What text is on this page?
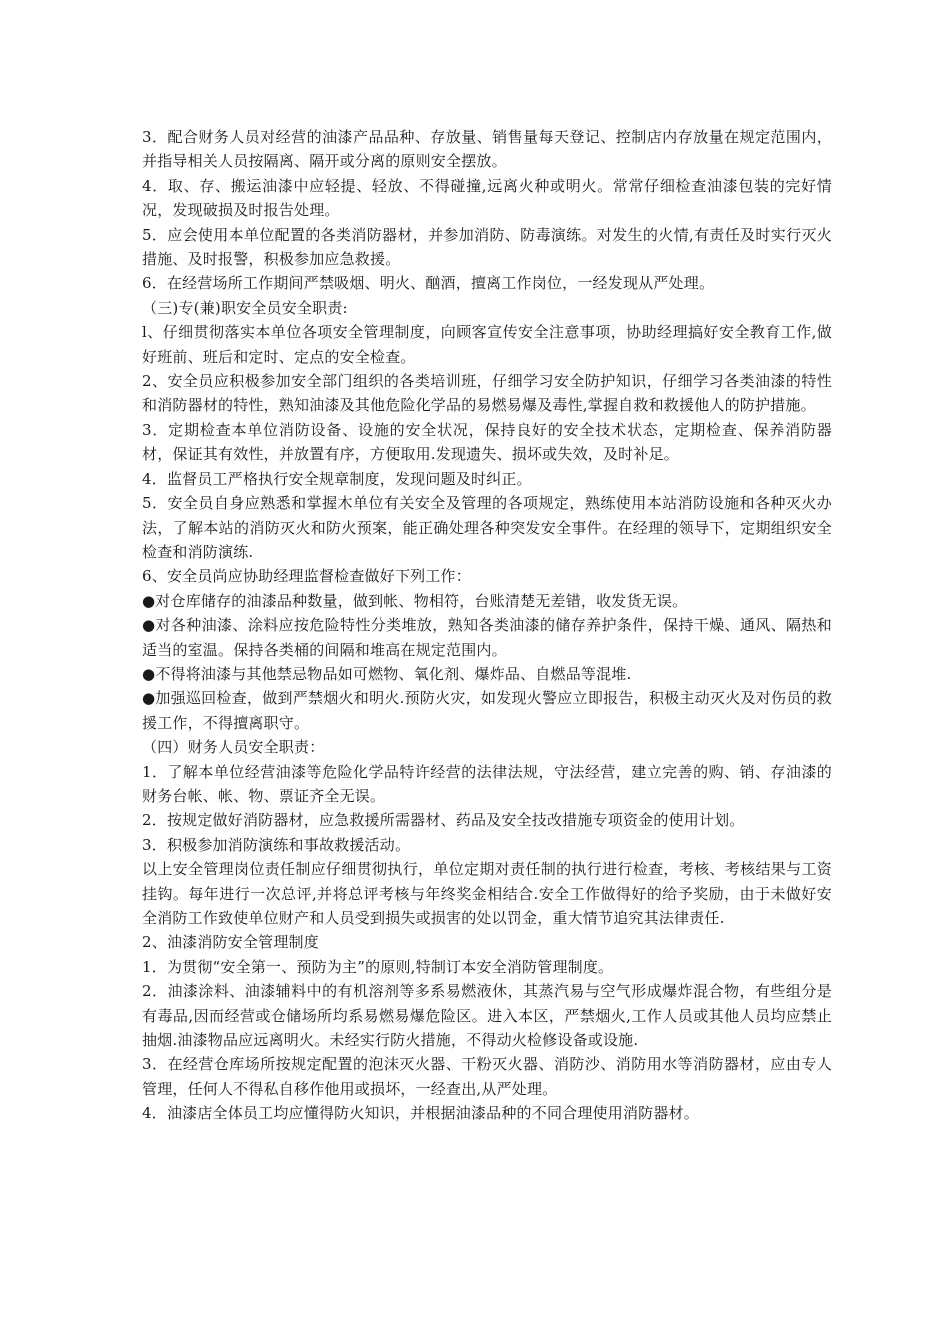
3．配合财务人员对经营的油漆产品品种、存放量、销售量每天登记、控制店内存放量在规定范围内，并指导相关人员按隔离、隔开或分离的原则安全摆放。

4．取、存、搬运油漆中应轻提、轻放、不得碰撞,远离火种或明火。常常仔细检查油漆包装的完好情况，发现破损及时报告处理。

5．应会使用本单位配置的各类消防器材，并参加消防、防毒演练。对发生的火情,有责任及时实行灭火措施、及时报警，积极参加应急救援。

6．在经营场所工作期间严禁吸烟、明火、酗酒，擅离工作岗位，一经发现从严处理。

（三)专(兼)职安全员安全职责:

l、仔细贯彻落实本单位各项安全管理制度，向顾客宣传安全注意事项，协助经理搞好安全教育工作,做好班前、班后和定时、定点的安全检查。

2、安全员应积极参加安全部门组织的各类培训班，仔细学习安全防护知识，仔细学习各类油漆的特性和消防器材的特性，熟知油漆及其他危险化学品的易燃易爆及毒性,掌握自救和救援他人的防护措施。

3．定期检查本单位消防设备、设施的安全状况，保持良好的安全技术状态，定期检查、保养消防器材，保证其有效性，并放置有序，方便取用.发现遗失、损坏或失效，及时补足。

4．监督员工严格执行安全规章制度，发现问题及时纠正。

5．安全员自身应熟悉和掌握木单位有关安全及管理的各项规定，熟练使用本站消防设施和各种灭火办法，了解本站的消防灭火和防火预案，能正确处理各种突发安全事件。在经理的领导下，定期组织安全检查和消防演练.

6、安全员尚应协助经理监督检查做好下列工作：

●对仓库储存的油漆品种数量，做到帐、物相符，台账清楚无差错，收发货无误。

●对各种油漆、涂料应按危险特性分类堆放，熟知各类油漆的储存养护条件，保持干燥、通风、隔热和适当的室温。保持各类桶的间隔和堆高在规定范围内。

●不得将油漆与其他禁忌物品如可燃物、氧化剂、爆炸品、自燃品等混堆.

●加强巡回检查，做到严禁烟火和明火.预防火灾，如发现火警应立即报告，积极主动灭火及对伤员的救援工作，不得擅离职守。

（四）财务人员安全职责：

1．了解本单位经营油漆等危险化学品特许经营的法律法规，守法经营，建立完善的购、销、存油漆的财务台帐、帐、物、票证齐全无误。

2．按规定做好消防器材，应急救援所需器材、药品及安全技改措施专项资金的使用计划。

3．积极参加消防演练和事故救援活动。

以上安全管理岗位责任制应仔细贯彻执行，单位定期对责任制的执行进行检查，考核、考核结果与工资挂钩。每年进行一次总评,并将总评考核与年终奖金相结合.安全工作做得好的给予奖励，由于未做好安全消防工作致使单位财产和人员受到损失或损害的处以罚金，重大情节追究其法律责任.

2、油漆消防安全管理制度

1．为贯彻“安全第一、预防为主”的原则,特制订本安全消防管理制度。

2．油漆涂料、油漆辅料中的有机溶剂等多系易燃液休，其蒸汽易与空气形成爆炸混合物，有些组分是有毒品,因而经营或仓储场所均系易燃易爆危险区。进入本区，严禁烟火,工作人员或其他人员均应禁止抽烟.油漆物品应远离明火。未经实行防火措施，不得动火检修设备或设施.

3．在经营仓库场所按规定配置的泡沫灭火器、干粉灭火器、消防沙、消防用水等消防器材，应由专人管理，任何人不得私自移作他用或损坏，一经查出,从严处理。

4．油漆店全体员工均应懂得防火知识，并根据油漆品种的不同合理使用消防器材。
